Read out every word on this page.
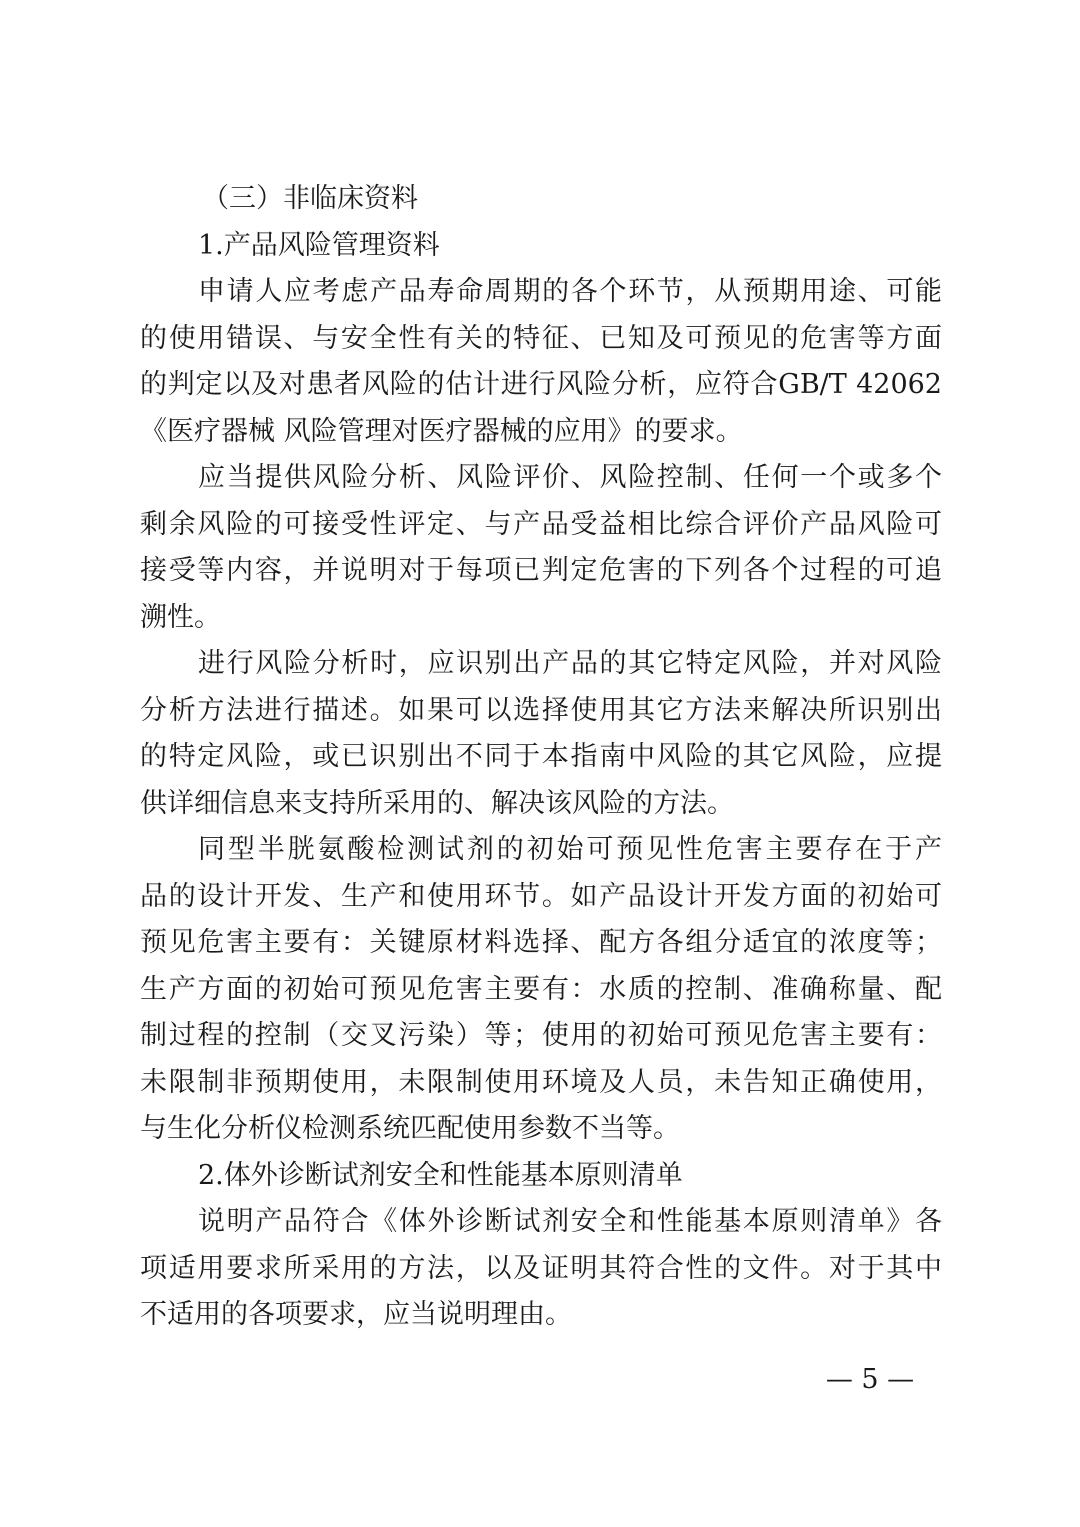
（三）非临床资料
1.产品风险管理资料
申请人应考虑产品寿命周期的各个环节，从预期用途、可能
的使用错误、与安全性有关的特征、已知及可预见的危害等方面
的判定以及对患者风险的估计进行风险分析，应符合GB/T 42062
《医疗器械 风险管理对医疗器械的应用》的要求。
应当提供风险分析、风险评价、风险控制、任何一个或多个
剩余风险的可接受性评定、与产品受益相比综合评价产品风险可
接受等内容，并说明对于每项已判定危害的下列各个过程的可追
溯性。
进行风险分析时，应识别出产品的其它特定风险，并对风险
分析方法进行描述。如果可以选择使用其它方法来解决所识别出
的特定风险，或已识别出不同于本指南中风险的其它风险，应提
供详细信息来支持所采用的、解决该风险的方法。
同型半胱氨酸检测试剂的初始可预见性危害主要存在于产
品的设计开发、生产和使用环节。如产品设计开发方面的初始可
预见危害主要有：关键原材料选择、配方各组分适宜的浓度等；
生产方面的初始可预见危害主要有：水质的控制、准确称量、配
制过程的控制（交叉污染）等；使用的初始可预见危害主要有：
未限制非预期使用，未限制使用环境及人员，未告知正确使用，
与生化分析仪检测系统匹配使用参数不当等。
2.体外诊断试剂安全和性能基本原则清单
说明产品符合《体外诊断试剂安全和性能基本原则清单》各
项适用要求所采用的方法，以及证明其符合性的文件。对于其中
不适用的各项要求，应当说明理由。
— 5 —
